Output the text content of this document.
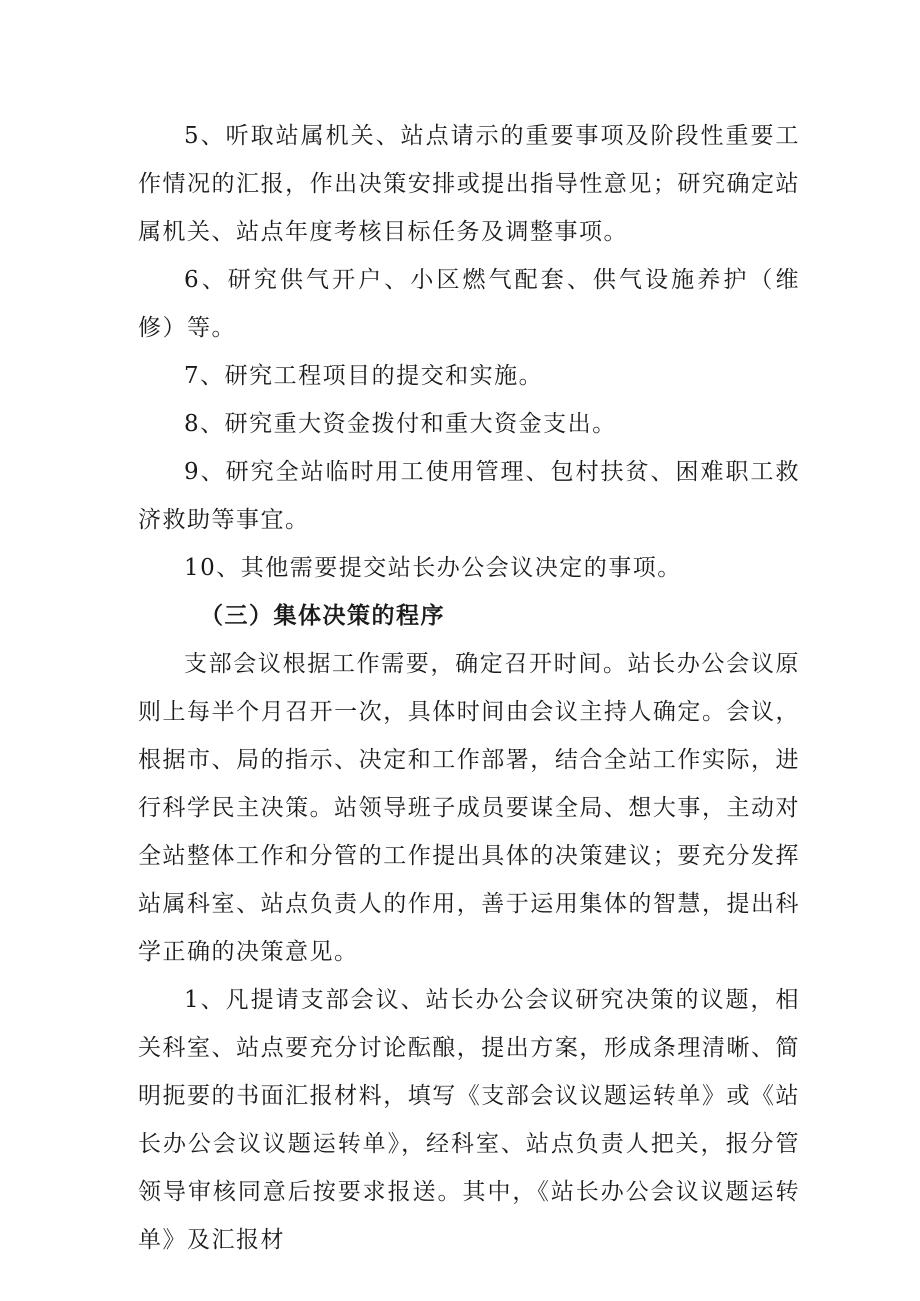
5、听取站属机关、站点请示的重要事项及阶段性重要工作情况的汇报，作出决策安排或提出指导性意见；研究确定站属机关、站点年度考核目标任务及调整事项。

6、研究供气开户、小区燃气配套、供气设施养护（维修）等。

7、研究工程项目的提交和实施。

8、研究重大资金拨付和重大资金支出。

9、研究全站临时用工使用管理、包村扶贫、困难职工救济救助等事宜。

10、其他需要提交站长办公会议决定的事项。

（三）集体决策的程序

支部会议根据工作需要，确定召开时间。站长办公会议原则上每半个月召开一次，具体时间由会议主持人确定。会议，根据市、局的指示、决定和工作部署，结合全站工作实际，进行科学民主决策。站领导班子成员要谋全局、想大事，主动对全站整体工作和分管的工作提出具体的决策建议；要充分发挥站属科室、站点负责人的作用，善于运用集体的智慧，提出科学正确的决策意见。

1、凡提请支部会议、站长办公会议研究决策的议题，相关科室、站点要充分讨论酝酿，提出方案，形成条理清晰、简明扼要的书面汇报材料，填写《支部会议议题运转单》或《站长办公会议议题运转单》，经科室、站点负责人把关，报分管领导审核同意后按要求报送。其中，《站长办公会议议题运转单》及汇报材
